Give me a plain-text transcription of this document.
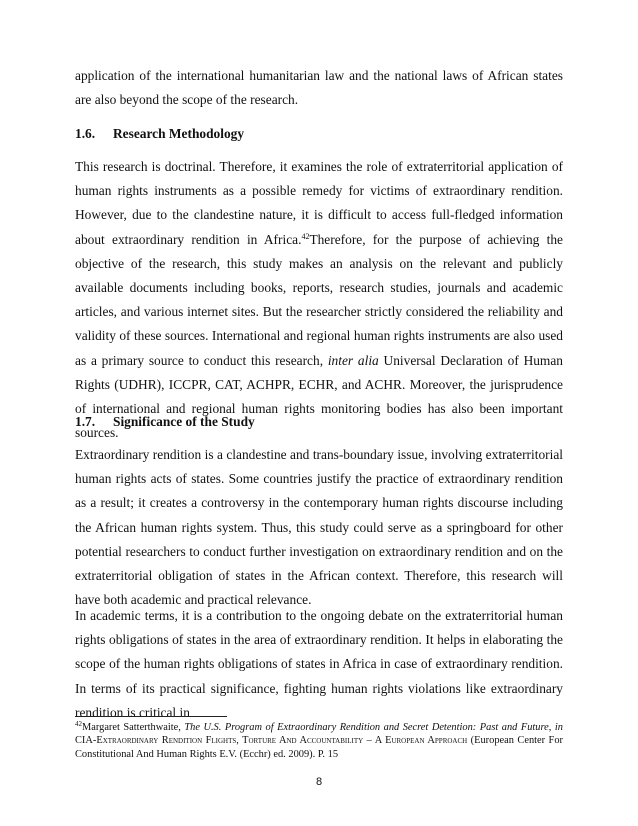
application of the international humanitarian law and the national laws of African states are also beyond the scope of the research.

1.6. Research Methodology

This research is doctrinal. Therefore, it examines the role of extraterritorial application of human rights instruments as a possible remedy for victims of extraordinary rendition. However, due to the clandestine nature, it is difficult to access full-fledged information about extraordinary rendition in Africa.$^{42}$Therefore, for the purpose of achieving the objective of the research, this study makes an analysis on the relevant and publicly available documents including books, reports, research studies, journals and academic articles, and various internet sites. But the researcher strictly considered the reliability and validity of these sources. International and regional human rights instruments are also used as a primary source to conduct this research, inter alia Universal Declaration of Human Rights (UDHR), ICCPR, CAT, ACHPR, ECHR, and ACHR. Moreover, the jurisprudence of international and regional human rights monitoring bodies has also been important sources.

1.7. Significance of the Study

Extraordinary rendition is a clandestine and trans-boundary issue, involving extraterritorial human rights acts of states. Some countries justify the practice of extraordinary rendition as a result; it creates a controversy in the contemporary human rights discourse including the African human rights system. Thus, this study could serve as a springboard for other potential researchers to conduct further investigation on extraordinary rendition and on the extraterritorial obligation of states in the African context. Therefore, this research will have both academic and practical relevance.

In academic terms, it is a contribution to the ongoing debate on the extraterritorial human rights obligations of states in the area of extraordinary rendition. It helps in elaborating the scope of the human rights obligations of states in Africa in case of extraordinary rendition. In terms of its practical significance, fighting human rights violations like extraordinary rendition is critical in

$^{42}$Margaret Satterthwaite, The U.S. Program of Extraordinary Rendition and Secret Detention: Past and Future, in CIA-Extraordinary Rendition Flights, Torture And Accountability – A European Approach (European Center For Constitutional And Human Rights E.V. (Ecchr) ed. 2009). P. 15

8
